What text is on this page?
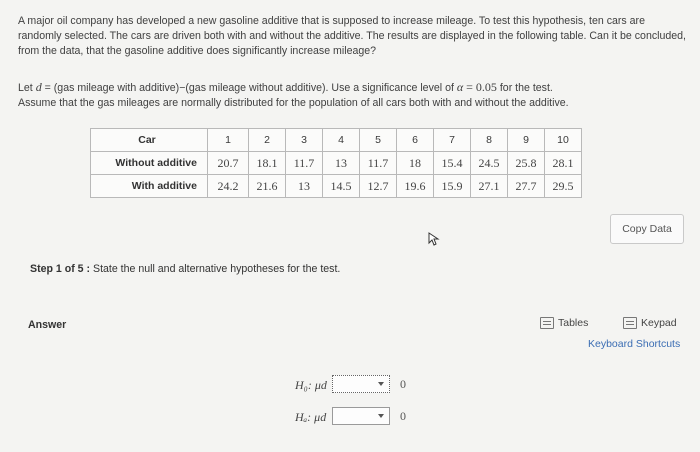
A major oil company has developed a new gasoline additive that is supposed to increase mileage. To test this hypothesis, ten cars are randomly selected. The cars are driven both with and without the additive. The results are displayed in the following table. Can it be concluded, from the data, that the gasoline additive does significantly increase mileage?
Let d = (gas mileage with additive)−(gas mileage without additive). Use a significance level of α = 0.05 for the test.
Assume that the gas mileages are normally distributed for the population of all cars both with and without the additive.
Car	1	2	3	4	5	6	7	8	9	10
Without additive	20.7	18.1	11.7	13	11.7	18	15.4	24.5	25.8	28.1
With additive	24.2	21.6	13	14.5	12.7	19.6	15.9	27.1	27.7	29.5
Copy Data
Step 1 of 5 : State the null and alternative hypotheses for the test.
Answer	Tables	Keypad
Keyboard Shortcuts
H₀: μd	0
Hₐ: μd	0
